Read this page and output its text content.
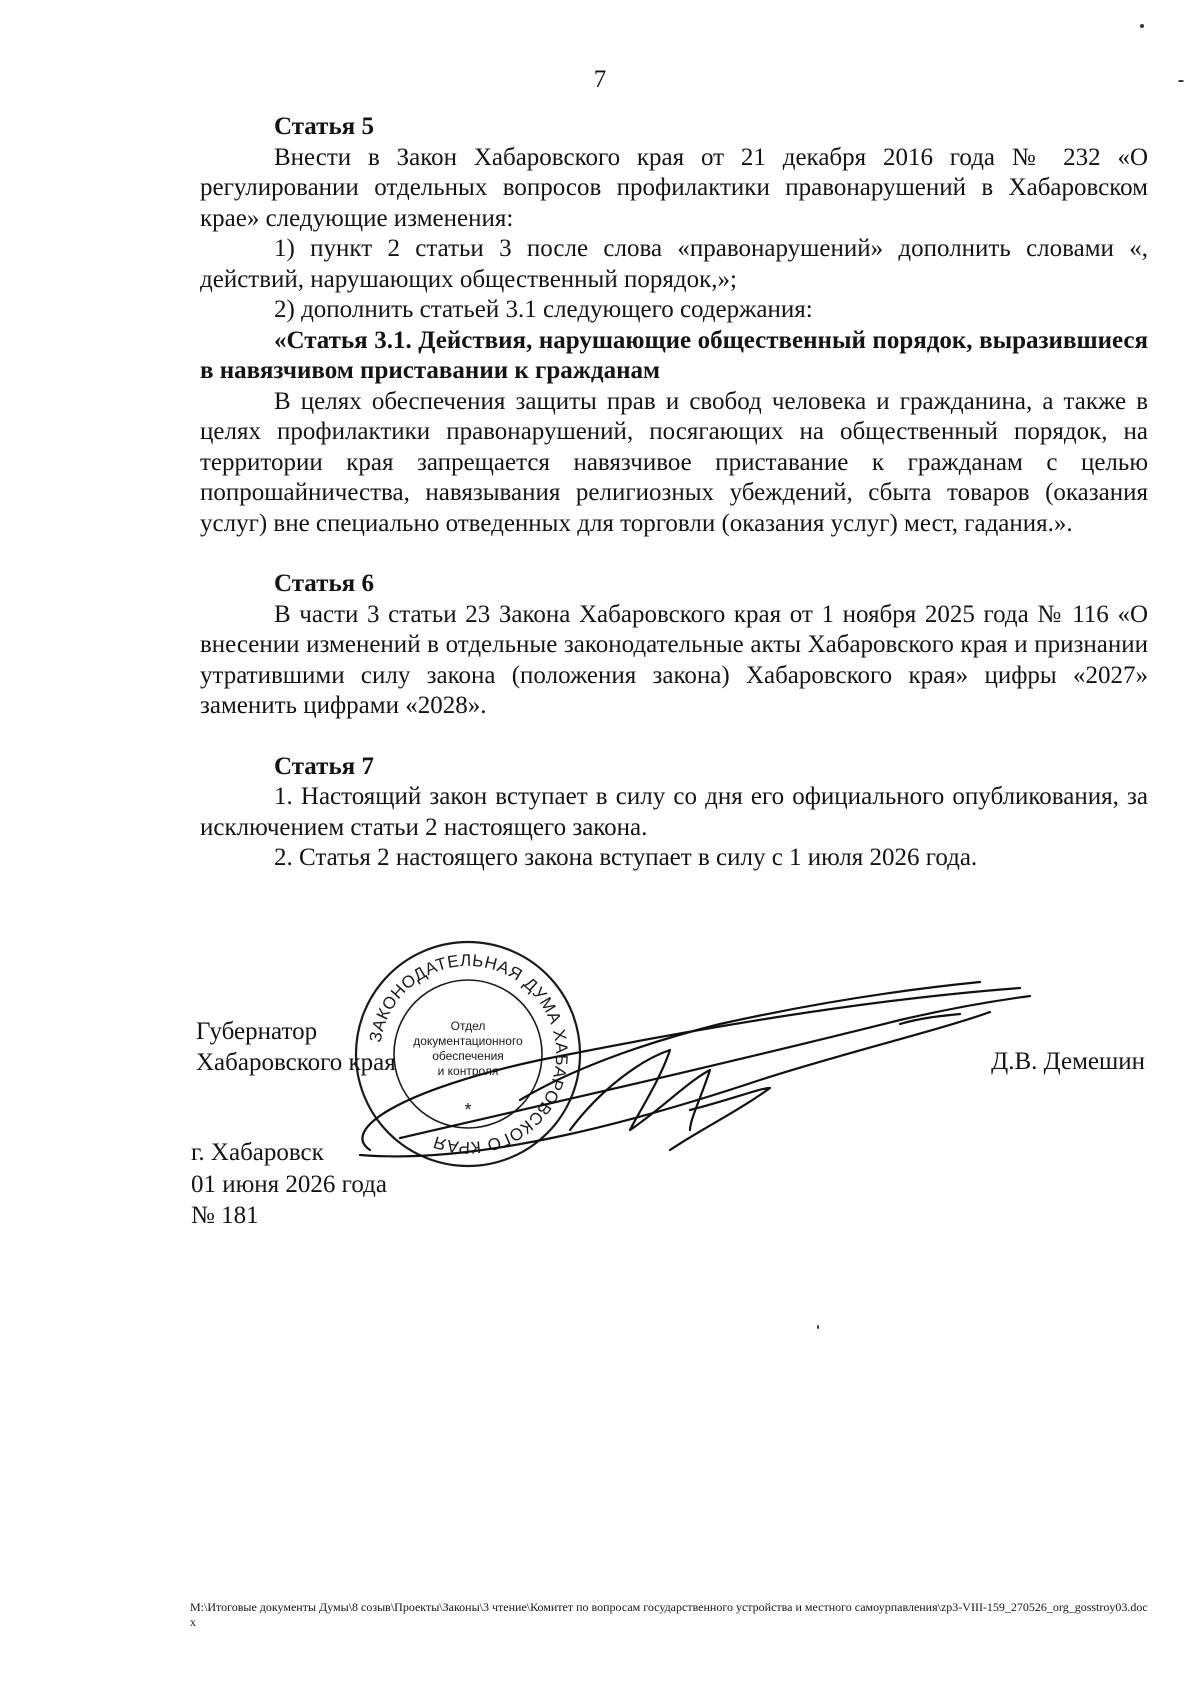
7
Статья 5
Внести в Закон Хабаровского края от 21 декабря 2016 года № 232 «О регулировании отдельных вопросов профилактики правонарушений в Хабаровском крае» следующие изменения:
1) пункт 2 статьи 3 после слова «правонарушений» дополнить словами «, действий, нарушающих общественный порядок,»;
2) дополнить статьей 3.1 следующего содержания:
«Статья 3.1. Действия, нарушающие общественный порядок, выразившиеся в навязчивом приставании к гражданам
В целях обеспечения защиты прав и свобод человека и гражданина, а также в целях профилактики правонарушений, посягающих на общественный порядок, на территории края запрещается навязчивое приставание к гражданам с целью попрошайничества, навязывания религиозных убеждений, сбыта товаров (оказания услуг) вне специально отведенных для торговли (оказания услуг) мест, гадания.».
Статья 6
В части 3 статьи 23 Закона Хабаровского края от 1 ноября 2025 года № 116 «О внесении изменений в отдельные законодательные акты Хабаровского края и признании утратившими силу закона (положения закона) Хабаровского края» цифры «2027» заменить цифрами «2028».
Статья 7
1. Настоящий закон вступает в силу со дня его официального опубликования, за исключением статьи 2 настоящего закона.
2. Статья 2 настоящего закона вступает в силу с 1 июля 2026 года.
Губернатор
Хабаровского края	Д.В. Демешин
г. Хабаровск
01 июня 2026 года
№ 181
ЗАКОНОДАТЕЛЬНАЯ ДУМА ХАБАРОВСКОГО КРАЯ
Отдел
документационного
обеспечения
и контроля
*
M:\Итоговые документы Думы\8 созыв\Проекты\Законы\3 чтение\Комитет по вопросам государственного устройства и местного самоурпавления\zp3-VIII-159_270526_org_gosstroy03.docx
